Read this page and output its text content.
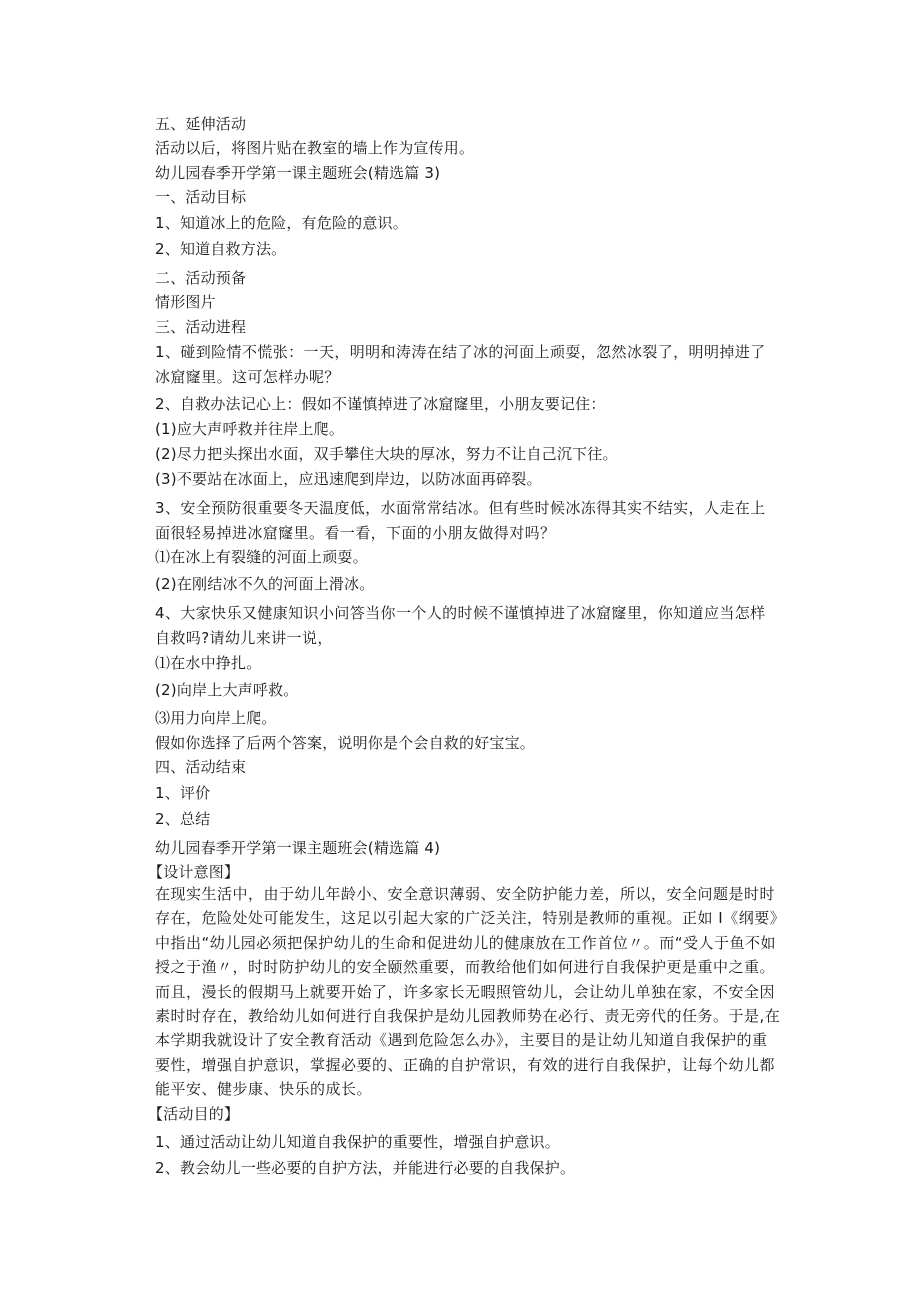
五、延伸活动
活动以后，将图片贴在教室的墙上作为宣传用。
幼儿园春季开学第一课主题班会(精选篇 3)
一、活动目标
1、知道冰上的危险，有危险的意识。
2、知道自救方法。
二、活动预备
情形图片
三、活动进程
1、碰到险情不慌张：一天，明明和涛涛在结了冰的河面上顽耍，忽然冰裂了，明明掉进了冰窟窿里。这可怎样办呢？
2、自救办法记心上：假如不谨慎掉进了冰窟窿里，小朋友要记住：
(1)应大声呼救并往岸上爬。
(2)尽力把头探出水面，双手攀住大块的厚冰，努力不让自己沉下往。
(3)不要站在冰面上，应迅速爬到岸边，以防冰面再碎裂。
3、安全预防很重要冬天温度低，水面常常结冰。但有些时候冰冻得其实不结实，人走在上面很轻易掉进冰窟窿里。看一看，下面的小朋友做得对吗？
⑴在冰上有裂缝的河面上顽耍。
(2)在刚结冰不久的河面上滑冰。
4、大家快乐又健康知识小问答当你一个人的时候不谨慎掉进了冰窟窿里，你知道应当怎样自救吗?请幼儿来讲一说，
⑴在水中挣扎。
(2)向岸上大声呼救。
⑶用力向岸上爬。
假如你选择了后两个答案，说明你是个会自救的好宝宝。
四、活动结束
1、评价
2、总结
幼儿园春季开学第一课主题班会(精选篇 4)
【设计意图】
在现实生活中，由于幼儿年龄小、安全意识薄弱、安全防护能力差，所以，安全问题是时时存在，危险处处可能发生，这足以引起大家的广泛关注，特别是教师的重视。正如 I《纲要》中指出“幼儿园必须把保护幼儿的生命和促进幼儿的健康放在工作首位〃。而“受人于鱼不如授之于渔〃，时时防护幼儿的安全颐然重要，而教给他们如何进行自我保护更是重中之重。而且，漫长的假期马上就要开始了，许多家长无暇照管幼儿，会让幼儿单独在家，不安全因素时时存在，教给幼儿如何进行自我保护是幼儿园教师势在必行、责无旁代的任务。于是,在本学期我就设计了安全教育活动《遇到危险怎么办》，主要目的是让幼儿知道自我保护的重要性，增强自护意识，掌握必要的、正确的自护常识，有效的进行自我保护，让每个幼儿都能平安、健步康、快乐的成长。
【活动目的】
1、通过活动让幼儿知道自我保护的重要性，增强自护意识。
2、教会幼儿一些必要的自护方法，并能进行必要的自我保护。
